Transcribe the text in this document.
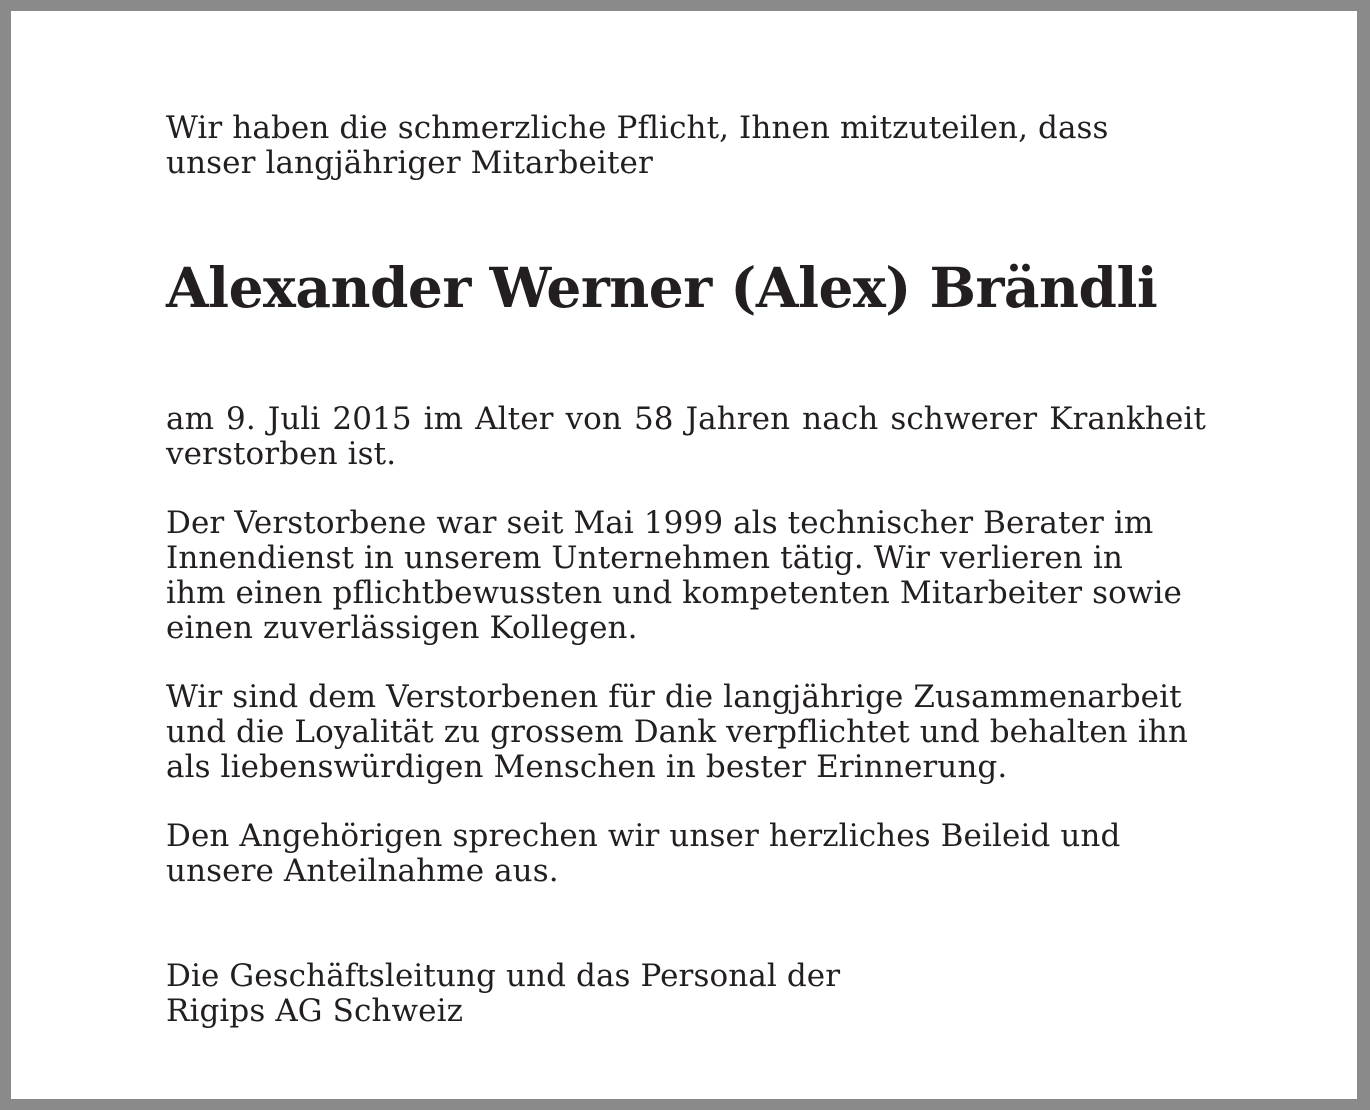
Wir haben die schmerzliche Pflicht, Ihnen mitzuteilen, dass
unser langjähriger Mitarbeiter

Alexander Werner (Alex) Brändli

am 9. Juli 2015 im Alter von 58 Jahren nach schwerer Krankheit
verstorben ist.

Der Verstorbene war seit Mai 1999 als technischer Berater im
Innendienst in unserem Unternehmen tätig. Wir verlieren in
ihm einen pflichtbewussten und kompetenten Mitarbeiter sowie
einen zuverlässigen Kollegen.

Wir sind dem Verstorbenen für die langjährige Zusammenarbeit
und die Loyalität zu grossem Dank verpflichtet und behalten ihn
als liebenswürdigen Menschen in bester Erinnerung.

Den Angehörigen sprechen wir unser herzliches Beileid und
unsere Anteilnahme aus.

Die Geschäftsleitung und das Personal der
Rigips AG Schweiz
